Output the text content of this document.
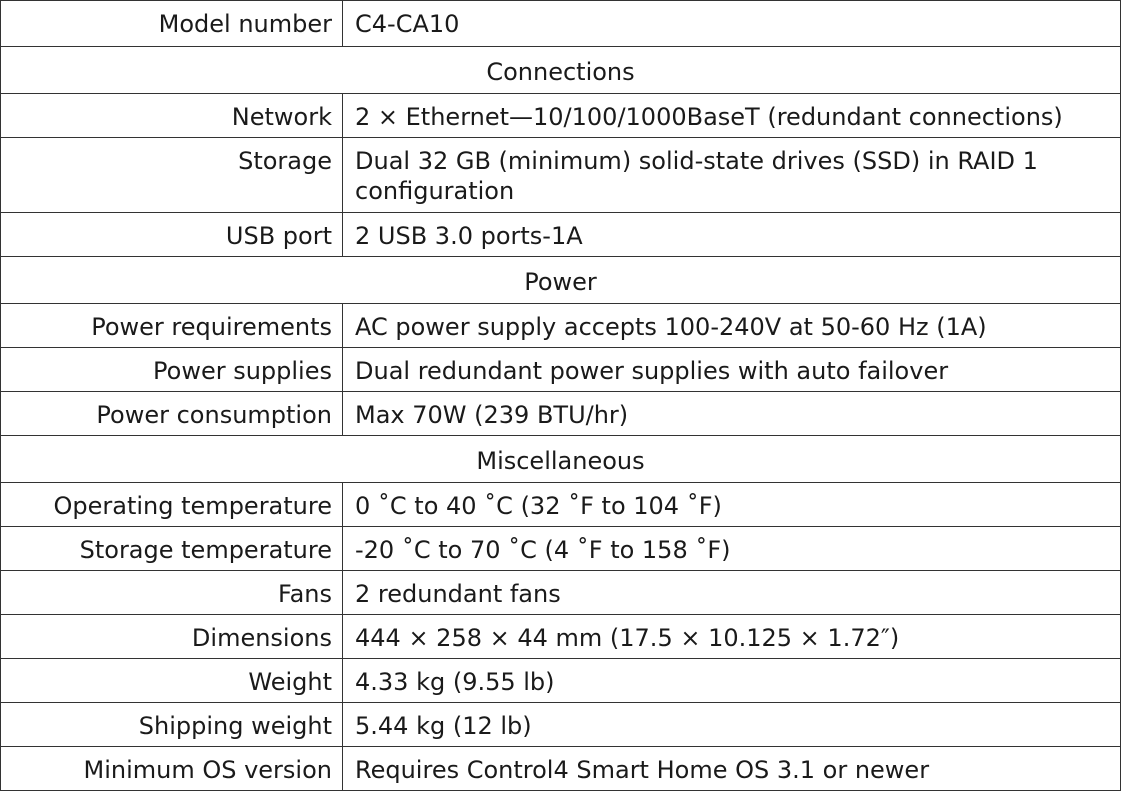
Model number	C4-CA10
Connections	
Network	2 × Ethernet—10/100/1000BaseT (redundant connections)
Storage	Dual 32 GB (minimum) solid-state drives (SSD) in RAID 1 configuration
USB port	2 USB 3.0 ports-1A
Power	
Power requirements	AC power supply accepts 100-240V at 50-60 Hz (1A)
Power supplies	Dual redundant power supplies with auto failover
Power consumption	Max 70W (239 BTU/hr)
Miscellaneous	
Operating temperature	0 ˚C to 40 ˚C (32 ˚F to 104 ˚F)
Storage temperature	-20 ˚C to 70 ˚C (4 ˚F to 158 ˚F)
Fans	2 redundant fans
Dimensions	444 × 258 × 44 mm (17.5 × 10.125 × 1.72″)
Weight	4.33 kg (9.55 lb)
Shipping weight	5.44 kg (12 lb)
Minimum OS version	Requires Control4 Smart Home OS 3.1 or newer
